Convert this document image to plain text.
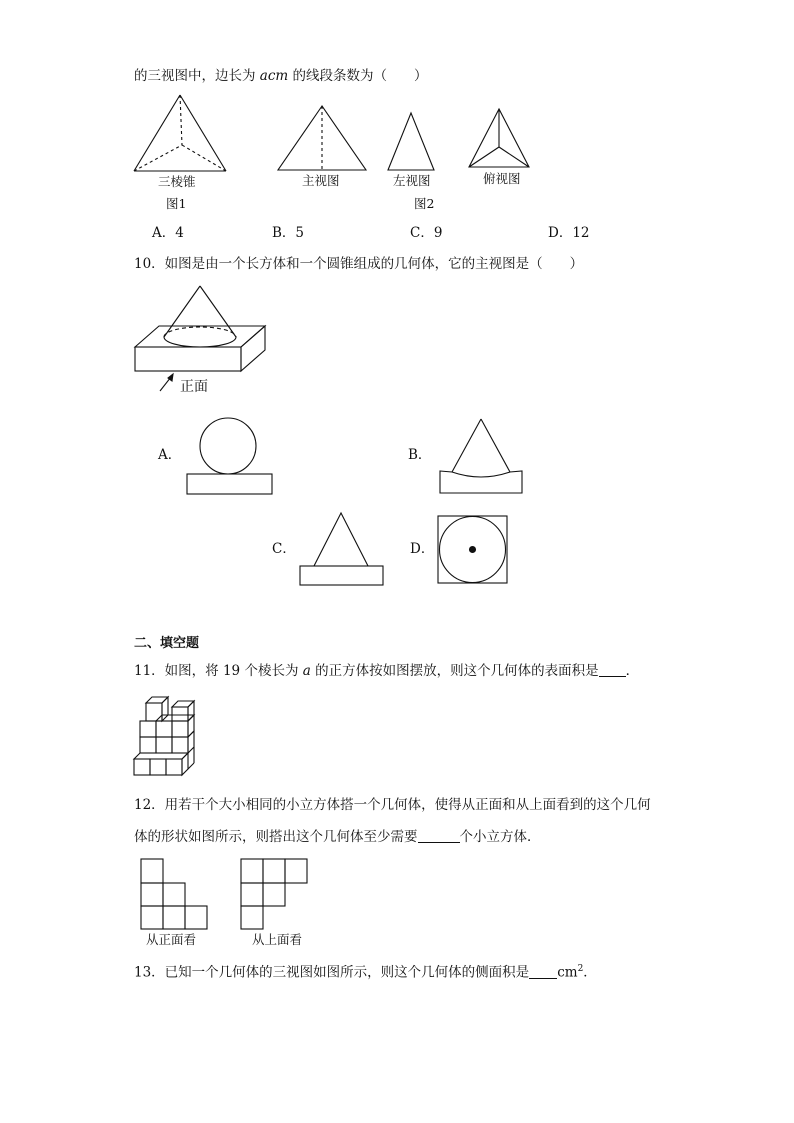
的三视图中，边长为 acm 的线段条数为（　　）
三棱锥
图1
主视图	左视图	俯视图
图2
A．4	B．5	C．9	D．12
10．如图是由一个长方体和一个圆锥组成的几何体，它的主视图是（　　）
正面
A．	B．
C．	D．
二、填空题
11．如图，将 19 个棱长为 a 的正方体按如图摆放，则这个几何体的表面积是 ．
12．用若干个大小相同的小立方体搭一个几何体，使得从正面和从上面看到的这个几何
体的形状如图所示，则搭出这个几何体至少需要	个小立方体．
从正面看	从上面看
13．已知一个几何体的三视图如图所示，则这个几何体的侧面积是 $cm^2$．
